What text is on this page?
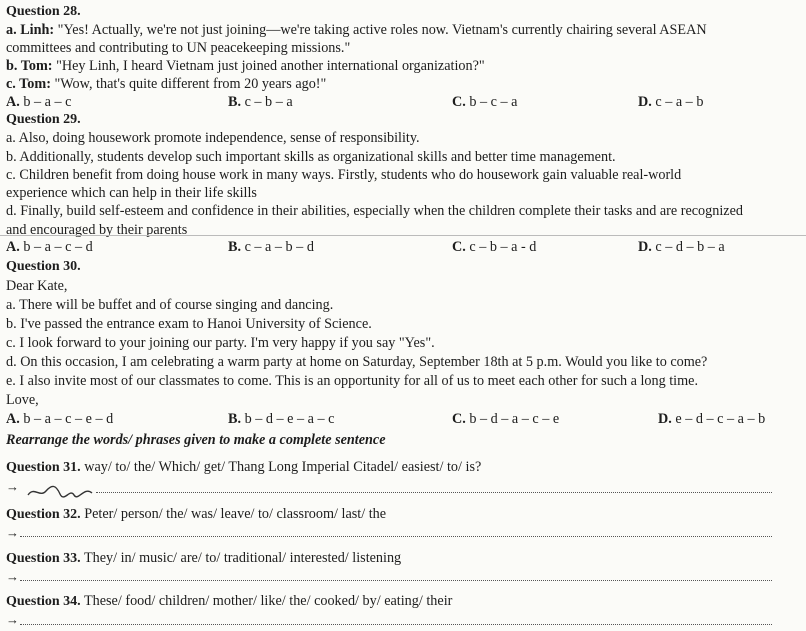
Question 28.
a. Linh: "Yes! Actually, we're not just joining—we're taking active roles now. Vietnam's currently chairing several ASEAN
committees and contributing to UN peacekeeping missions."
b. Tom: "Hey Linh, I heard Vietnam just joined another international organization?"
c. Tom: "Wow, that's quite different from 20 years ago!"
A. b – a – c	B. c – b – a	C. b – c – a	D. c – a – b
Question 29.
a. Also, doing housework promote independence, sense of responsibility.
b. Additionally, students develop such important skills as organizational skills and better time management.
c. Children benefit from doing house work in many ways. Firstly, students who do housework gain valuable real-world
experience which can help in their life skills
d. Finally, build self-esteem and confidence in their abilities, especially when the children complete their tasks and are recognized
and encouraged by their parents
A. b – a – c – d	B. c – a – b – d	C. c – b – a - d	D. c – d – b – a
Question 30.
Dear Kate,
a. There will be buffet and of course singing and dancing.
b. I've passed the entrance exam to Hanoi University of Science.
c. I look forward to your joining our party. I'm very happy if you say "Yes".
d. On this occasion, I am celebrating a warm party at home on Saturday, September 18th at 5 p.m. Would you like to come?
e. I also invite most of our classmates to come. This is an opportunity for all of us to meet each other for such a long time.
Love,
A. b – a – c – e – d	B. b – d – e – a – c	C. b – d – a – c – e	D. e – d – c – a – b
Rearrange the words/ phrases given to make a complete sentence
Question 31. way/ to/ the/ Which/ get/ Thang Long Imperial Citadel/ easiest/ to/ is?
→
Question 32. Peter/ person/ the/ was/ leave/ to/ classroom/ last/ the
→
Question 33. They/ in/ music/ are/ to/ traditional/ interested/ listening
→
Question 34. These/ food/ children/ mother/ like/ the/ cooked/ by/ eating/ their
→
